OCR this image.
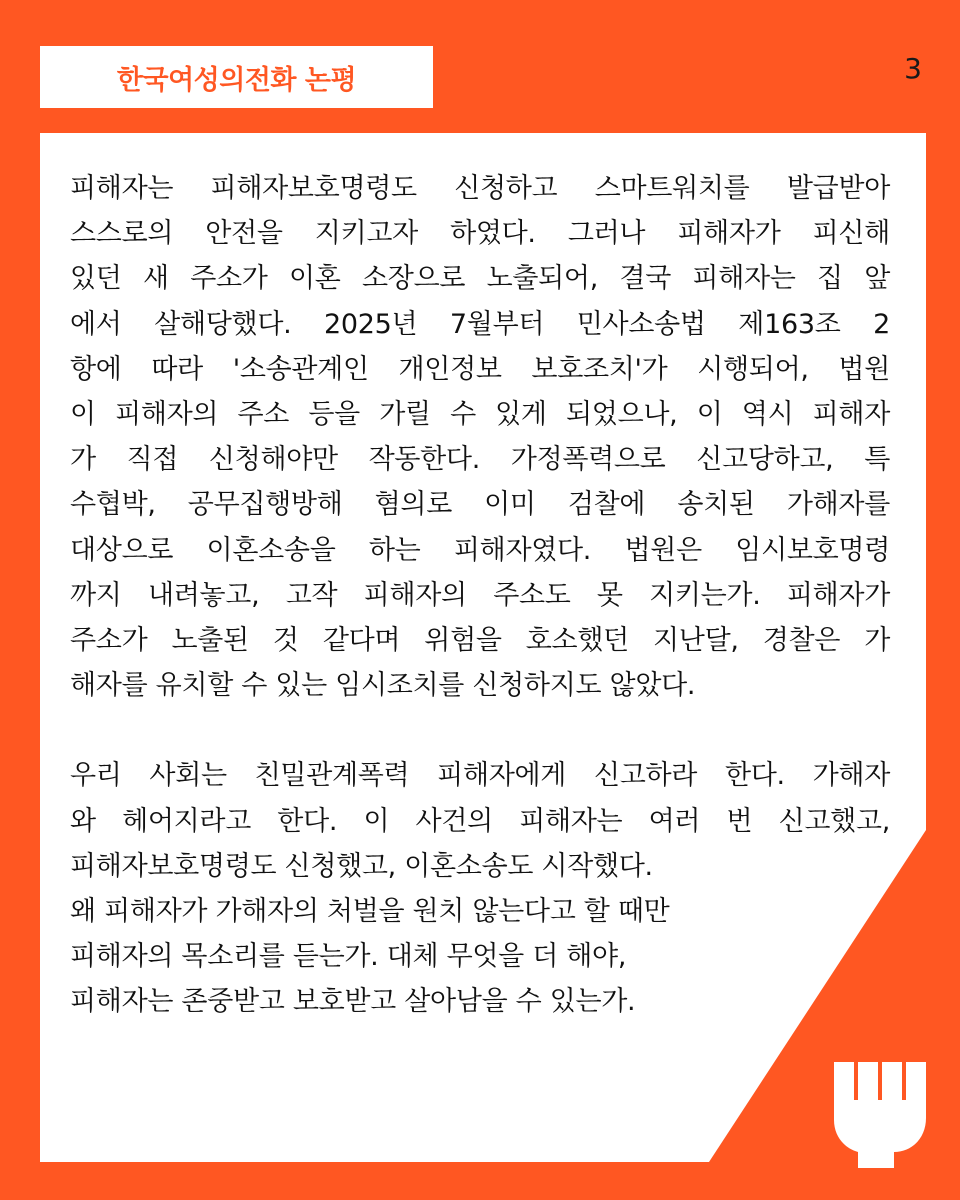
한국여성의전화 논평	3
피해자는 피해자보호명령도 신청하고 스마트워치를 발급받아
스스로의 안전을 지키고자 하였다. 그러나 피해자가 피신해
있던 새 주소가 이혼 소장으로 노출되어, 결국 피해자는 집 앞
에서 살해당했다. 2025년 7월부터 민사소송법 제163조 2
항에 따라 '소송관계인 개인정보 보호조치'가 시행되어, 법원
이 피해자의 주소 등을 가릴 수 있게 되었으나, 이 역시 피해자
가 직접 신청해야만 작동한다. 가정폭력으로 신고당하고, 특
수협박, 공무집행방해 혐의로 이미 검찰에 송치된 가해자를
대상으로 이혼소송을 하는 피해자였다. 법원은 임시보호명령
까지 내려놓고, 고작 피해자의 주소도 못 지키는가. 피해자가
주소가 노출된 것 같다며 위험을 호소했던 지난달, 경찰은 가
해자를 유치할 수 있는 임시조치를 신청하지도 않았다.
우리 사회는 친밀관계폭력 피해자에게 신고하라 한다. 가해자
와 헤어지라고 한다. 이 사건의 피해자는 여러 번 신고했고,
피해자보호명령도 신청했고, 이혼소송도 시작했다.
왜 피해자가 가해자의 처벌을 원치 않는다고 할 때만
피해자의 목소리를 듣는가. 대체 무엇을 더 해야,
피해자는 존중받고 보호받고 살아남을 수 있는가.
